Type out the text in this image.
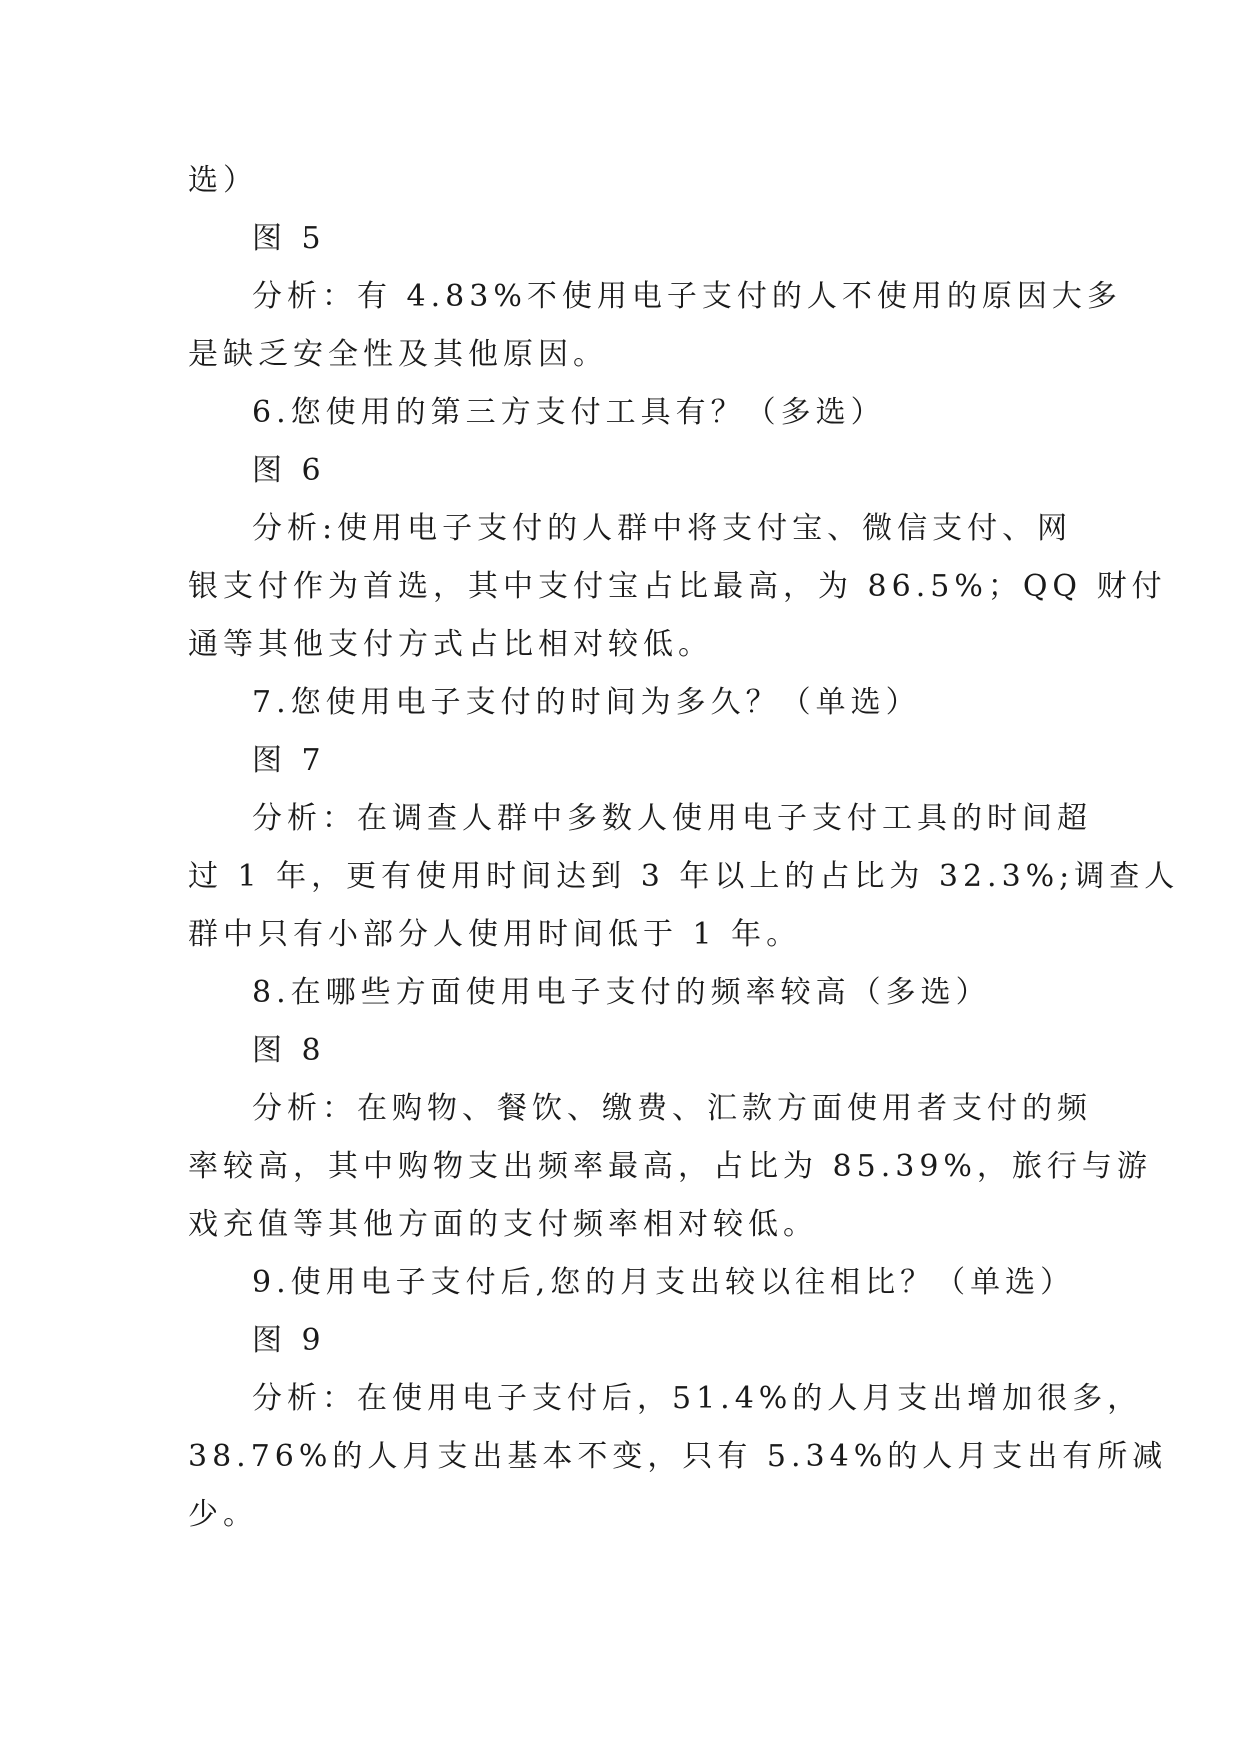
选）
图 5
分析：有 4.83%不使用电子支付的人不使用的原因大多
是缺乏安全性及其他原因。
6.您使用的第三方支付工具有？（多选）
图 6
分析:使用电子支付的人群中将支付宝、微信支付、网
银支付作为首选，其中支付宝占比最高，为 86.5%；QQ 财付
通等其他支付方式占比相对较低。
7.您使用电子支付的时间为多久？（单选）
图 7
分析：在调查人群中多数人使用电子支付工具的时间超
过 1 年，更有使用时间达到 3 年以上的占比为 32.3%;调查人
群中只有小部分人使用时间低于 1 年。
8.在哪些方面使用电子支付的频率较高（多选）
图 8
分析：在购物、餐饮、缴费、汇款方面使用者支付的频
率较高，其中购物支出频率最高，占比为 85.39%，旅行与游
戏充值等其他方面的支付频率相对较低。
9.使用电子支付后,您的月支出较以往相比？（单选）
图 9
分析：在使用电子支付后，51.4%的人月支出增加很多，
38.76%的人月支出基本不变，只有 5.34%的人月支出有所减
少。
